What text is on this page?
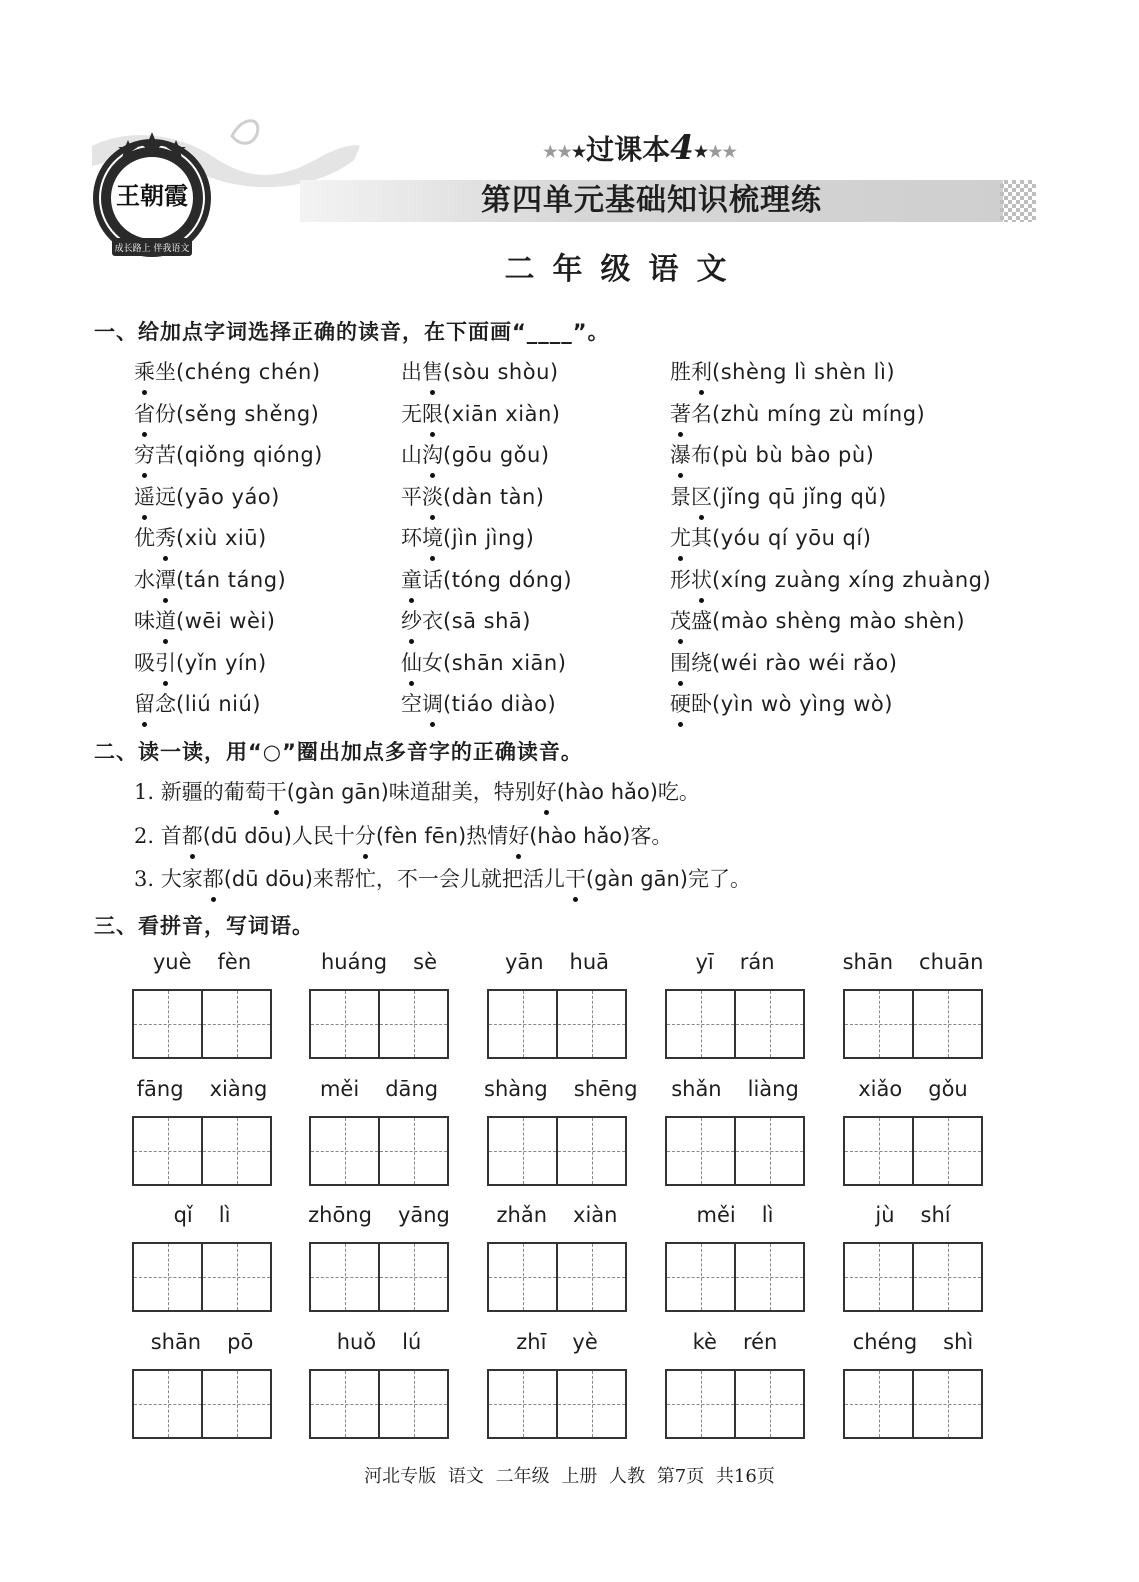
王朝霞
成长路上 伴我语文
★★★过课本4★★★
第四单元基础知识梳理练
二年级语文
一、给加点字词选择正确的读音，在下面画“____”。
乘坐(chéng chén)	出售(sòu shòu)	胜利(shèng lì shèn lì)
省份(sěng shěng)	无限(xiān xiàn)	著名(zhù míng zù míng)
穷苦(qiǒng qióng)	山沟(gōu gǒu)	瀑布(pù bù bào pù)
遥远(yāo yáo)	平淡(dàn tàn)	景区(jǐng qū jǐng qǔ)
优秀(xiù xiū)	环境(jìn jìng)	尤其(yóu qí yōu qí)
水潭(tán táng)	童话(tóng dóng)	形状(xíng zuàng xíng zhuàng)
味道(wēi wèi)	纱衣(sā shā)	茂盛(mào shèng mào shèn)
吸引(yǐn yín)	仙女(shān xiān)	围绕(wéi rào wéi rǎo)
留念(liú niú)	空调(tiáo diào)	硬卧(yìn wò yìng wò)
二、读一读，用“○”圈出加点多音字的正确读音。
1. 新疆的葡萄干(gàn gān)味道甜美，特别好(hào hǎo)吃。
2. 首都(dū dōu)人民十分(fèn fēn)热情好(hào hǎo)客。
3. 大家都(dū dōu)来帮忙，不一会儿就把活儿干(gàn gān)完了。
三、看拼音，写词语。
yuè fèn	huáng sè	yān huā	yī rán	shān chuān
fāng xiàng	měi dāng	shàng shēng	shǎn liàng	xiǎo gǒu
qǐ lì	zhōng yāng	zhǎn xiàn	měi lì	jù shí
shān pō	huǒ lú	zhī yè	kè rén	chéng shì
河北专版 语文 二年级 上册 人教 第7页 共16页
